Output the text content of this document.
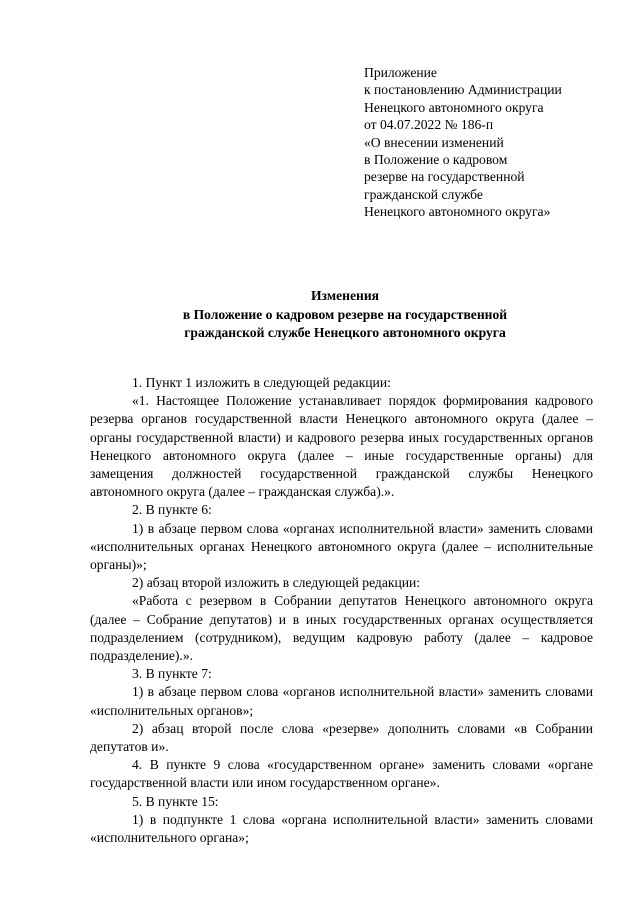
Приложение
к постановлению Администрации
Ненецкого автономного округа
от 04.07.2022 № 186-п
«О внесении изменений
в Положение о кадровом
резерве на государственной
гражданской службе
Ненецкого автономного округа»
Изменения
в Положение о кадровом резерве на государственной
гражданской службе Ненецкого автономного округа

1. Пункт 1 изложить в следующей редакции:

«1. Настоящее Положение устанавливает порядок формирования кадрового резерва органов государственной власти Ненецкого автономного округа (далее – органы государственной власти) и кадрового резерва иных государственных органов Ненецкого автономного округа (далее – иные государственные органы) для замещения должностей государственной гражданской службы Ненецкого автономного округа (далее – гражданская служба).».

2. В пункте 6:

1) в абзаце первом слова «органах исполнительной власти» заменить словами «исполнительных органах Ненецкого автономного округа (далее – исполнительные органы)»;

2) абзац второй изложить в следующей редакции:

«Работа с резервом в Собрании депутатов Ненецкого автономного округа (далее – Собрание депутатов) и в иных государственных органах осуществляется подразделением (сотрудником), ведущим кадровую работу (далее – кадровое подразделение).».

3. В пункте 7:

1) в абзаце первом слова «органов исполнительной власти» заменить словами «исполнительных органов»;

2) абзац второй после слова «резерве» дополнить словами «в Собрании депутатов и».

4. В пункте 9 слова «государственном органе» заменить словами «органе государственной власти или ином государственном органе».

5. В пункте 15:

1) в подпункте 1 слова «органа исполнительной власти» заменить словами «исполнительного органа»;
